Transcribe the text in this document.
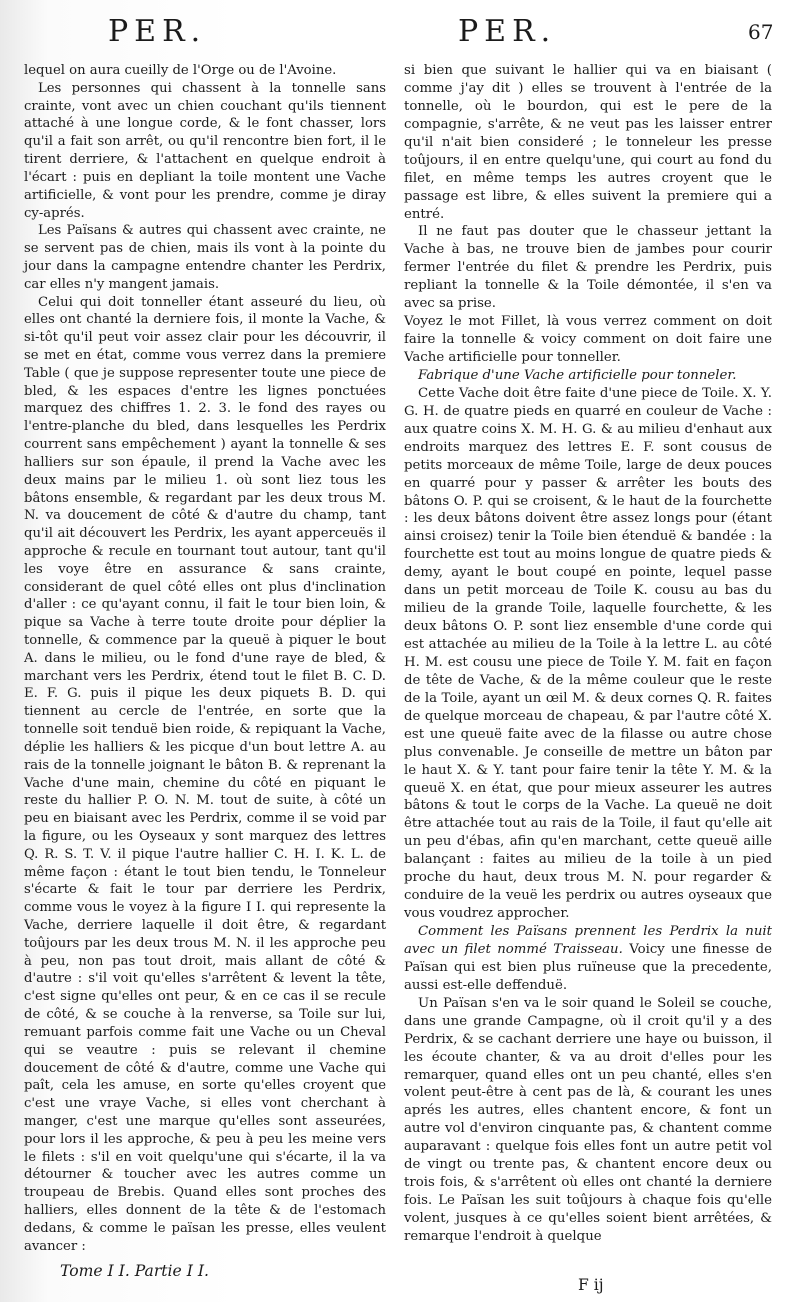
PER.	PER.	67

lequel on aura cueilly de l'Orge ou de l'Avoine.

Les personnes qui chassent à la tonnelle sans crainte, vont avec un chien couchant qu'ils tiennent attaché à une longue corde, & le font chasser, lors qu'il a fait son arrêt, ou qu'il rencontre bien fort, il le tirent derriere, & l'attachent en quelque endroit à l'écart : puis en depliant la toile montent une Vache artificielle, & vont pour les prendre, comme je diray cy-aprés.

Les Païsans & autres qui chassent avec crainte, ne se servent pas de chien, mais ils vont à la pointe du jour dans la campagne entendre chanter les Perdrix, car elles n'y mangent jamais.

Celui qui doit tonneller étant asseuré du lieu, où elles ont chanté la derniere fois, il monte la Vache, & si-tôt qu'il peut voir assez clair pour les découvrir, il se met en état, comme vous verrez dans la premiere Table ( que je suppose representer toute une piece de bled, & les espaces d'entre les lignes ponctuées marquez des chiffres 1. 2. 3. le fond des rayes ou l'entre-planche du bled, dans lesquelles les Perdrix courrent sans empêchement ) ayant la tonnelle & ses halliers sur son épaule, il prend la Vache avec les deux mains par le milieu 1. où sont liez tous les bâtons ensemble, & regardant par les deux trous M. N. va doucement de côté & d'autre du champ, tant qu'il ait découvert les Perdrix, les ayant apperceuës il approche & recule en tournant tout autour, tant qu'il les voye être en assurance & sans crainte, considerant de quel côté elles ont plus d'inclination d'aller : ce qu'ayant connu, il fait le tour bien loin, & pique sa Vache à terre toute droite pour déplier la tonnelle, & commence par la queuë à piquer le bout A. dans le milieu, ou le fond d'une raye de bled, & marchant vers les Perdrix, étend tout le filet B. C. D. E. F. G. puis il pique les deux piquets B. D. qui tiennent au cercle de l'entrée, en sorte que la tonnelle soit tenduë bien roide, & repiquant la Vache, déplie les halliers & les picque d'un bout lettre A. au rais de la tonnelle joignant le bâton B. & reprenant la Vache d'une main, chemine du côté en piquant le reste du hallier P. O. N. M. tout de suite, à côté un peu en biaisant avec les Perdrix, comme il se void par la figure, ou les Oyseaux y sont marquez des lettres Q. R. S. T. V. il pique l'autre hallier C. H. I. K. L. de même façon : étant le tout bien tendu, le Tonneleur s'écarte & fait le tour par derriere les Perdrix, comme vous le voyez à la figure I I. qui represente la Vache, derriere laquelle il doit être, & regardant toûjours par les deux trous M. N. il les approche peu à peu, non pas tout droit, mais allant de côté & d'autre : s'il voit qu'elles s'arrêtent & levent la tête, c'est signe qu'elles ont peur, & en ce cas il se recule de côté, & se couche à la renverse, sa Toile sur lui, remuant parfois comme fait une Vache ou un Cheval qui se veautre : puis se relevant il chemine doucement de côté & d'autre, comme une Vache qui paît, cela les amuse, en sorte qu'elles croyent que c'est une vraye Vache, si elles vont cherchant à manger, c'est une marque qu'elles sont asseurées, pour lors il les approche, & peu à peu les meine vers le filets : s'il en voit quelqu'une qui s'écarte, il la va détourner & toucher avec les autres comme un troupeau de Brebis. Quand elles sont proches des halliers, elles donnent de la tête & de l'estomach dedans, & comme le païsan les presse, elles veulent avancer :

si bien que suivant le hallier qui va en biaisant ( comme j'ay dit ) elles se trouvent à l'entrée de la tonnelle, où le bourdon, qui est le pere de la compagnie, s'arrête, & ne veut pas les laisser entrer qu'il n'ait bien consideré ; le tonneleur les presse toûjours, il en entre quelqu'une, qui court au fond du filet, en même temps les autres croyent que le passage est libre, & elles suivent la premiere qui a entré.

Il ne faut pas douter que le chasseur jettant la Vache à bas, ne trouve bien de jambes pour courir fermer l'entrée du filet & prendre les Perdrix, puis repliant la tonnelle & la Toile démontée, il s'en va avec sa prise.

Voyez le mot Fillet, là vous verrez comment on doit faire la tonnelle & voicy comment on doit faire une Vache artificielle pour tonneller.

Fabrique d'une Vache artificielle pour tonneler.

Cette Vache doit être faite d'une piece de Toile. X. Y. G. H. de quatre pieds en quarré en couleur de Vache : aux quatre coins X. M. H. G. & au milieu d'enhaut aux endroits marquez des lettres E. F. sont cousus de petits morceaux de même Toile, large de deux pouces en quarré pour y passer & arrêter les bouts des bâtons O. P. qui se croisent, & le haut de la fourchette : les deux bâtons doivent être assez longs pour (étant ainsi croisez) tenir la Toile bien étenduë & bandée : la fourchette est tout au moins longue de quatre pieds & demy, ayant le bout coupé en pointe, lequel passe dans un petit morceau de Toile K. cousu au bas du milieu de la grande Toile, laquelle fourchette, & les deux bâtons O. P. sont liez ensemble d'une corde qui est attachée au milieu de la Toile à la lettre L. au côté H. M. est cousu une piece de Toile Y. M. fait en façon de tête de Vache, & de la même couleur que le reste de la Toile, ayant un œil M. & deux cornes Q. R. faites de quelque morceau de chapeau, & par l'autre côté X. est une queuë faite avec de la filasse ou autre chose plus convenable. Je conseille de mettre un bâton par le haut X. & Y. tant pour faire tenir la tête Y. M. & la queuë X. en état, que pour mieux asseurer les autres bâtons & tout le corps de la Vache. La queuë ne doit être attachée tout au rais de la Toile, il faut qu'elle ait un peu d'ébas, afin qu'en marchant, cette queuë aille balançant : faites au milieu de la toile à un pied proche du haut, deux trous M. N. pour regarder & conduire de la veuë les perdrix ou autres oyseaux que vous voudrez approcher.

Comment les Païsans prennent les Perdrix la nuit avec un filet nommé Traisseau. Voicy une finesse de Païsan qui est bien plus ruïneuse que la precedente, aussi est-elle deffenduë.

Un Païsan s'en va le soir quand le Soleil se couche, dans une grande Campagne, où il croit qu'il y a des Perdrix, & se cachant derriere une haye ou buisson, il les écoute chanter, & va au droit d'elles pour les remarquer, quand elles ont un peu chanté, elles s'en volent peut-être à cent pas de là, & courant les unes aprés les autres, elles chantent encore, & font un autre vol d'environ cinquante pas, & chantent comme auparavant : quelque fois elles font un autre petit vol de vingt ou trente pas, & chantent encore deux ou trois fois, & s'arrêtent où elles ont chanté la derniere fois. Le Païsan les suit toûjours à chaque fois qu'elle volent, jusques à ce qu'elles soient bient arrêtées, & remarque l'endroit à quelque

Tome I I. Partie I I.
F ij
